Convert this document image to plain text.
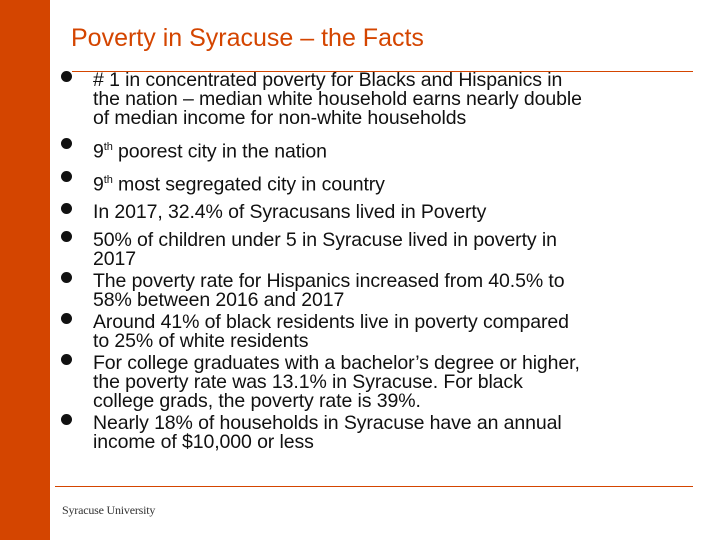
Poverty in Syracuse – the Facts
# 1 in concentrated poverty for Blacks and Hispanics in
the nation – median white household earns nearly double
of median income for non-white households
9th poorest city in the nation
9th most segregated city in country
In 2017, 32.4% of Syracusans lived in Poverty
50% of children under 5 in Syracuse lived in poverty in
2017
The poverty rate for Hispanics increased from 40.5% to
58% between 2016 and 2017
Around 41% of black residents live in poverty compared
to 25% of white residents
For college graduates with a bachelor’s degree or higher,
the poverty rate was 13.1% in Syracuse. For black
college grads, the poverty rate is 39%.
Nearly 18% of households in Syracuse have an annual
income of $10,000 or less
Syracuse University
